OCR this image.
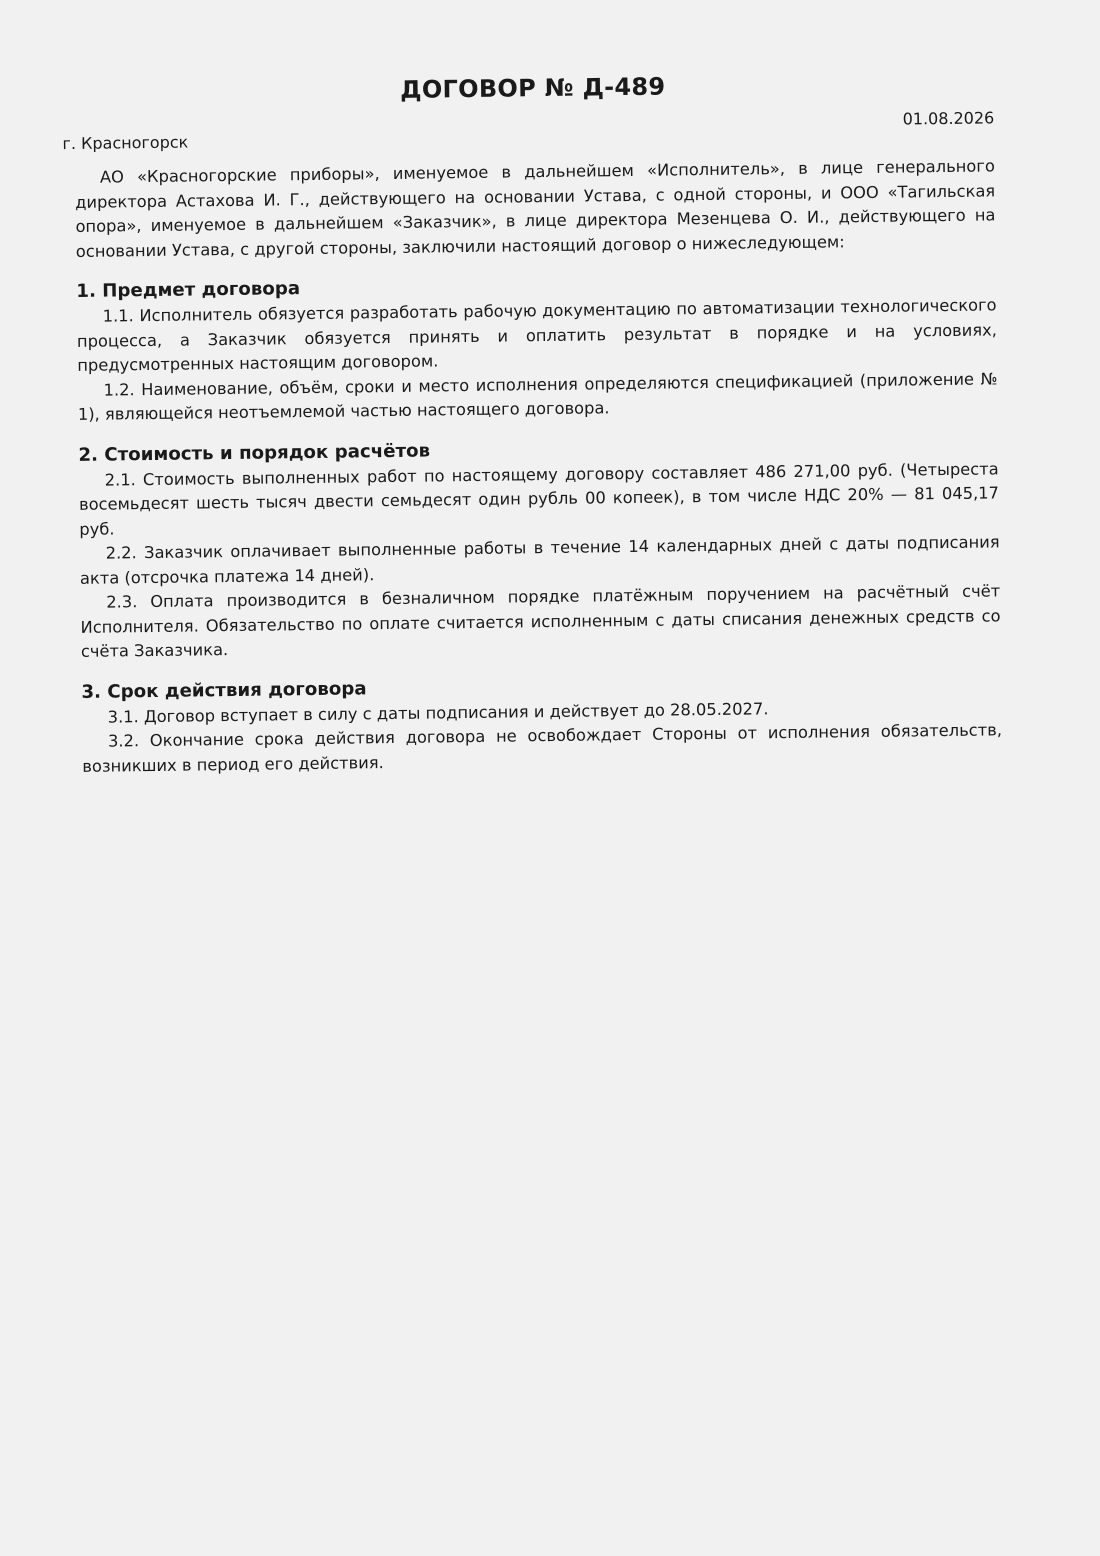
ДОГОВОР № Д-489
01.08.2026
г. Красногорск

АО «Красногорские приборы», именуемое в дальнейшем «Исполнитель», в лице генерального директора Астахова И. Г., действующего на основании Устава, с одной стороны, и ООО «Тагильская опора», именуемое в дальнейшем «Заказчик», в лице директора Мезенцева О. И., действующего на основании Устава, с другой стороны, заключили настоящий договор о нижеследующем:

1. Предмет договора

1.1. Исполнитель обязуется разработать рабочую документацию по автоматизации технологического процесса, а Заказчик обязуется принять и оплатить результат в порядке и на условиях, предусмотренных настоящим договором.

1.2. Наименование, объём, сроки и место исполнения определяются спецификацией (приложение № 1), являющейся неотъемлемой частью настоящего договора.

2. Стоимость и порядок расчётов

2.1. Стоимость выполненных работ по настоящему договору составляет 486 271,00 руб. (Четыреста восемьдесят шесть тысяч двести семьдесят один рубль 00 копеек), в том числе НДС 20% — 81 045,17 руб.

2.2. Заказчик оплачивает выполненные работы в течение 14 календарных дней с даты подписания акта (отсрочка платежа 14 дней).

2.3. Оплата производится в безналичном порядке платёжным поручением на расчётный счёт Исполнителя. Обязательство по оплате считается исполненным с даты списания денежных средств со счёта Заказчика.

3. Срок действия договора

3.1. Договор вступает в силу с даты подписания и действует до 28.05.2027.

3.2. Окончание срока действия договора не освобождает Стороны от исполнения обязательств, возникших в период его действия.
